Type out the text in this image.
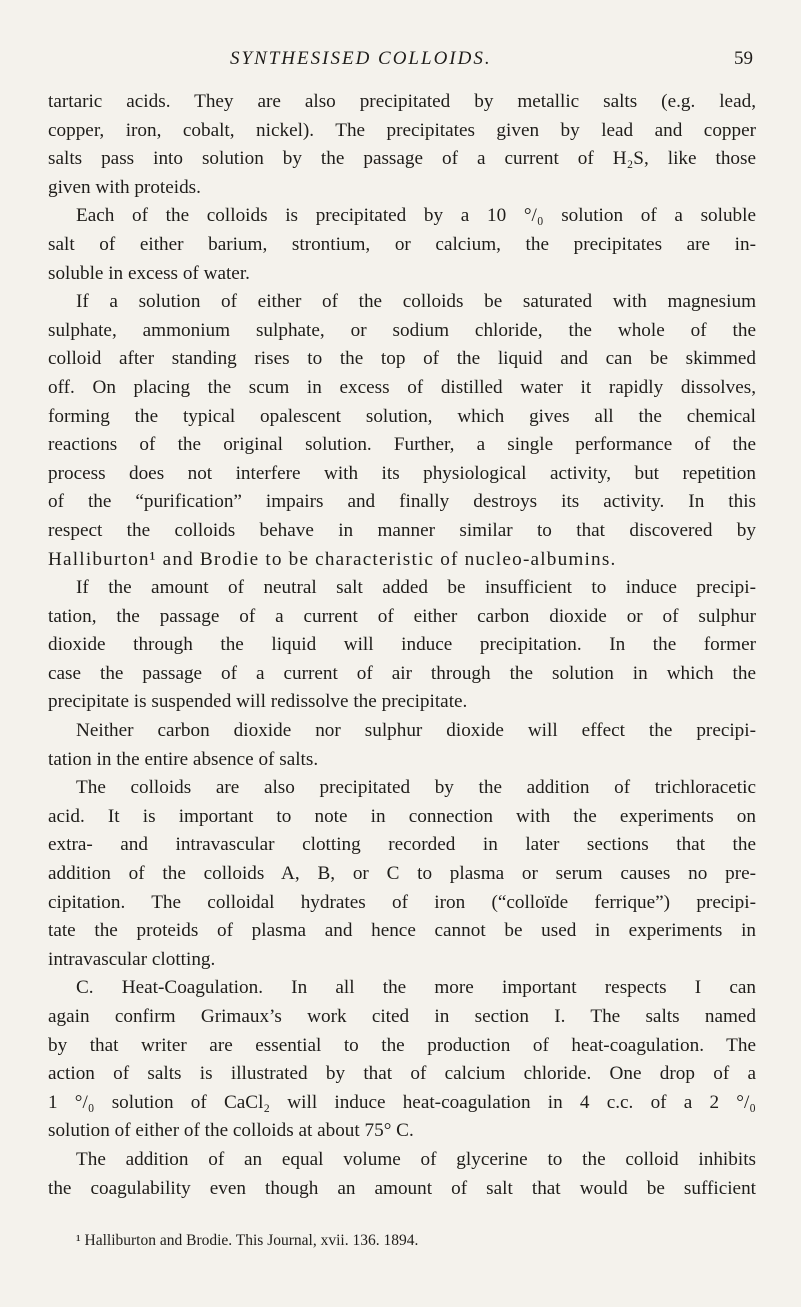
SYNTHESISED COLLOIDS.	59
tartaric acids. They are also precipitated by metallic salts (e.g. lead,
copper, iron, cobalt, nickel). The precipitates given by lead and copper
salts pass into solution by the passage of a current of H₂S, like those
given with proteids.
Each of the colloids is precipitated by a 10 °/₀ solution of a soluble
salt of either barium, strontium, or calcium, the precipitates are in-
soluble in excess of water.
If a solution of either of the colloids be saturated with magnesium
sulphate, ammonium sulphate, or sodium chloride, the whole of the
colloid after standing rises to the top of the liquid and can be skimmed
off. On placing the scum in excess of distilled water it rapidly dissolves,
forming the typical opalescent solution, which gives all the chemical
reactions of the original solution. Further, a single performance of the
process does not interfere with its physiological activity, but repetition
of the “purification” impairs and finally destroys its activity. In this
respect the colloids behave in manner similar to that discovered by
Halliburton¹ and Brodie to be characteristic of nucleo-albumins.
If the amount of neutral salt added be insufficient to induce precipi-
tation, the passage of a current of either carbon dioxide or of sulphur
dioxide through the liquid will induce precipitation. In the former
case the passage of a current of air through the solution in which the
precipitate is suspended will redissolve the precipitate.
Neither carbon dioxide nor sulphur dioxide will effect the precipi-
tation in the entire absence of salts.
The colloids are also precipitated by the addition of trichloracetic
acid. It is important to note in connection with the experiments on
extra- and intravascular clotting recorded in later sections that the
addition of the colloids A, B, or C to plasma or serum causes no pre-
cipitation. The colloidal hydrates of iron (“colloïde ferrique”) precipi-
tate the proteids of plasma and hence cannot be used in experiments in
intravascular clotting.
C. Heat-Coagulation. In all the more important respects I can
again confirm Grimaux’s work cited in section I. The salts named
by that writer are essential to the production of heat-coagulation. The
action of salts is illustrated by that of calcium chloride. One drop of a
1 °/₀ solution of CaCl₂ will induce heat-coagulation in 4 c.c. of a 2 °/₀
solution of either of the colloids at about 75° C.
The addition of an equal volume of glycerine to the colloid inhibits
the coagulability even though an amount of salt that would be sufficient
¹ Halliburton and Brodie. This Journal, xvii. 136. 1894.
